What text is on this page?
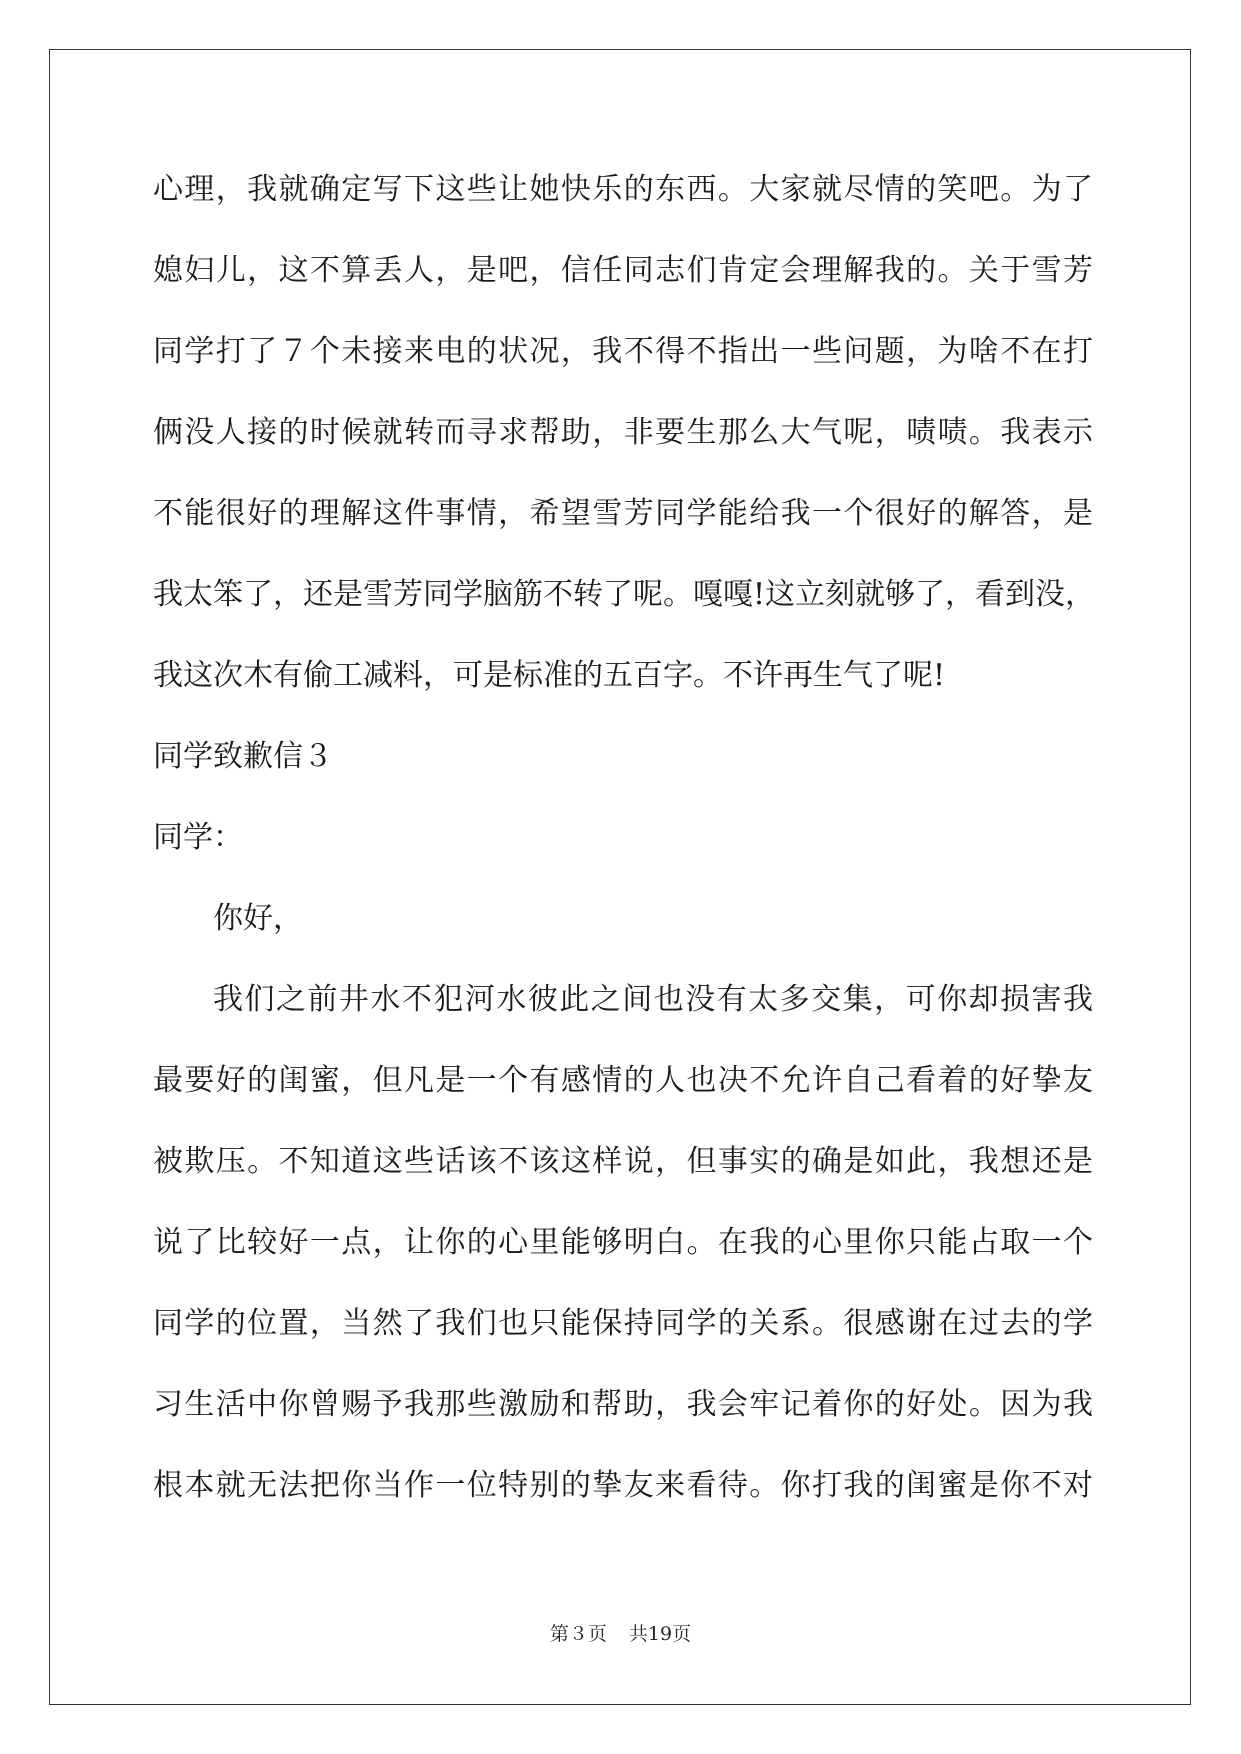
心理，我就确定写下这些让她快乐的东西。大家就尽情的笑吧。为了
媳妇儿，这不算丢人，是吧，信任同志们肯定会理解我的。关于雪芳
同学打了７个未接来电的状况，我不得不指出一些问题，为啥不在打
俩没人接的时候就转而寻求帮助，非要生那么大气呢，啧啧。我表示
不能很好的理解这件事情，希望雪芳同学能给我一个很好的解答，是
我太笨了，还是雪芳同学脑筋不转了呢。嘎嘎!这立刻就够了，看到没，
我这次木有偷工减料，可是标准的五百字。不许再生气了呢!
同学致歉信３
同学：
你好，
我们之前井水不犯河水彼此之间也没有太多交集，可你却损害我
最要好的闺蜜，但凡是一个有感情的人也决不允许自己看着的好挚友
被欺压。不知道这些话该不该这样说，但事实的确是如此，我想还是
说了比较好一点，让你的心里能够明白。在我的心里你只能占取一个
同学的位置，当然了我们也只能保持同学的关系。很感谢在过去的学
习生活中你曾赐予我那些激励和帮助，我会牢记着你的好处。因为我
根本就无法把你当作一位特别的挚友来看待。你打我的闺蜜是你不对
第３页 共19页
